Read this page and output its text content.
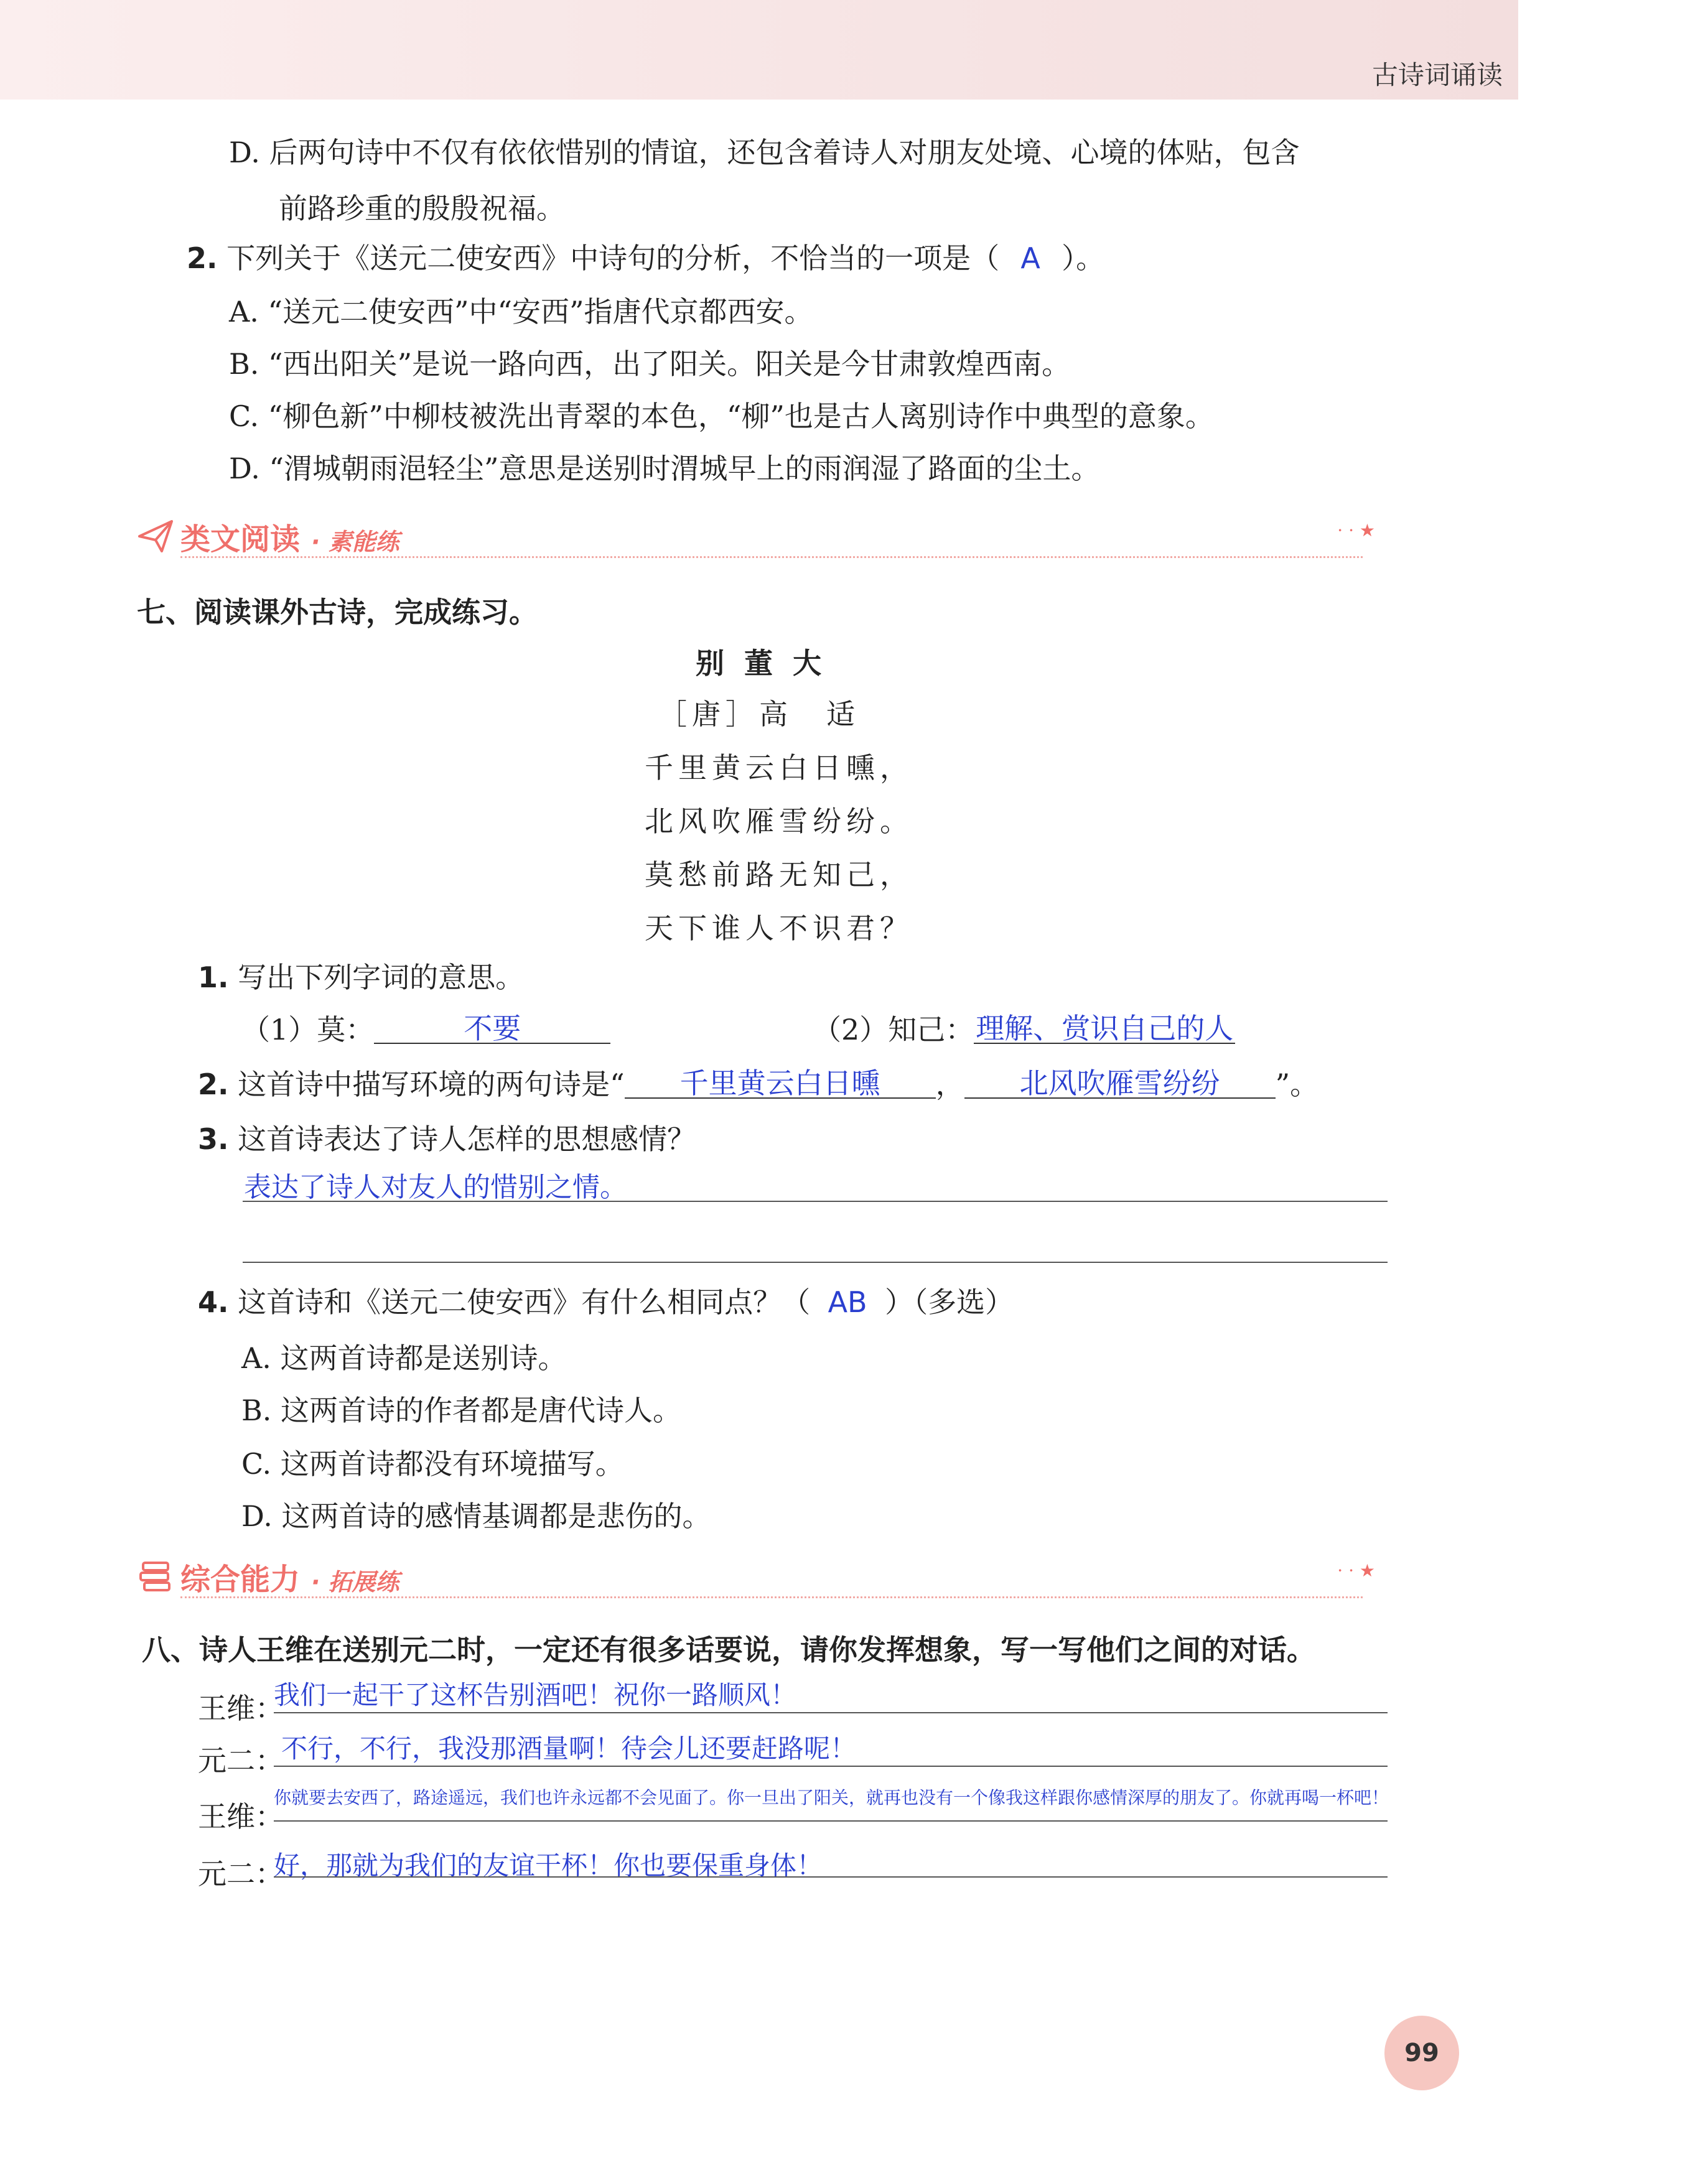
古诗词诵读
D. 后两句诗中不仅有依依惜别的情谊，还包含着诗人对朋友处境、心境的体贴，包含
前路珍重的殷殷祝福。
2. 下列关于《送元二使安西》中诗句的分析，不恰当的一项是（ A ）。
A. “送元二使安西”中“安西”指唐代京都西安。
B. “西出阳关”是说一路向西，出了阳关。阳关是今甘肃敦煌西南。
C. “柳色新”中柳枝被洗出青翠的本色，“柳”也是古人离别诗作中典型的意象。
D. “渭城朝雨浥轻尘”意思是送别时渭城早上的雨润湿了路面的尘土。
类文阅读 · 素能练	· · ★
七、阅读课外古诗，完成练习。
别 董 大
［唐］高　适
千里黄云白日曛，
北风吹雁雪纷纷。
莫愁前路无知己，
天下谁人不识君？
1. 写出下列字词的意思。
（1）莫：	不要	（2）知己：理解、赏识自己的人
2. 这首诗中描写环境的两句诗是“ 千里黄云白日曛 ， 北风吹雁雪纷纷 ”。
3. 这首诗表达了诗人怎样的思想感情？
表达了诗人对友人的惜别之情。
4. 这首诗和《送元二使安西》有什么相同点？（ AB ）（多选）
A. 这两首诗都是送别诗。
B. 这两首诗的作者都是唐代诗人。
C. 这两首诗都没有环境描写。
D. 这两首诗的感情基调都是悲伤的。
综合能力 · 拓展练	· · ★
八、诗人王维在送别元二时，一定还有很多话要说，请你发挥想象，写一写他们之间的对话。
王维：
我们一起干了这杯告别酒吧！祝你一路顺风！
元二：
不行，不行，我没那酒量啊！待会儿还要赶路呢！
王维：
你就要去安西了，路途遥远，我们也许永远都不会见面了。你一旦出了阳关，就再也没有一个像我这样跟你感情深厚的朋友了。你就再喝一杯吧！
元二：
好，那就为我们的友谊干杯！你也要保重身体！
99
